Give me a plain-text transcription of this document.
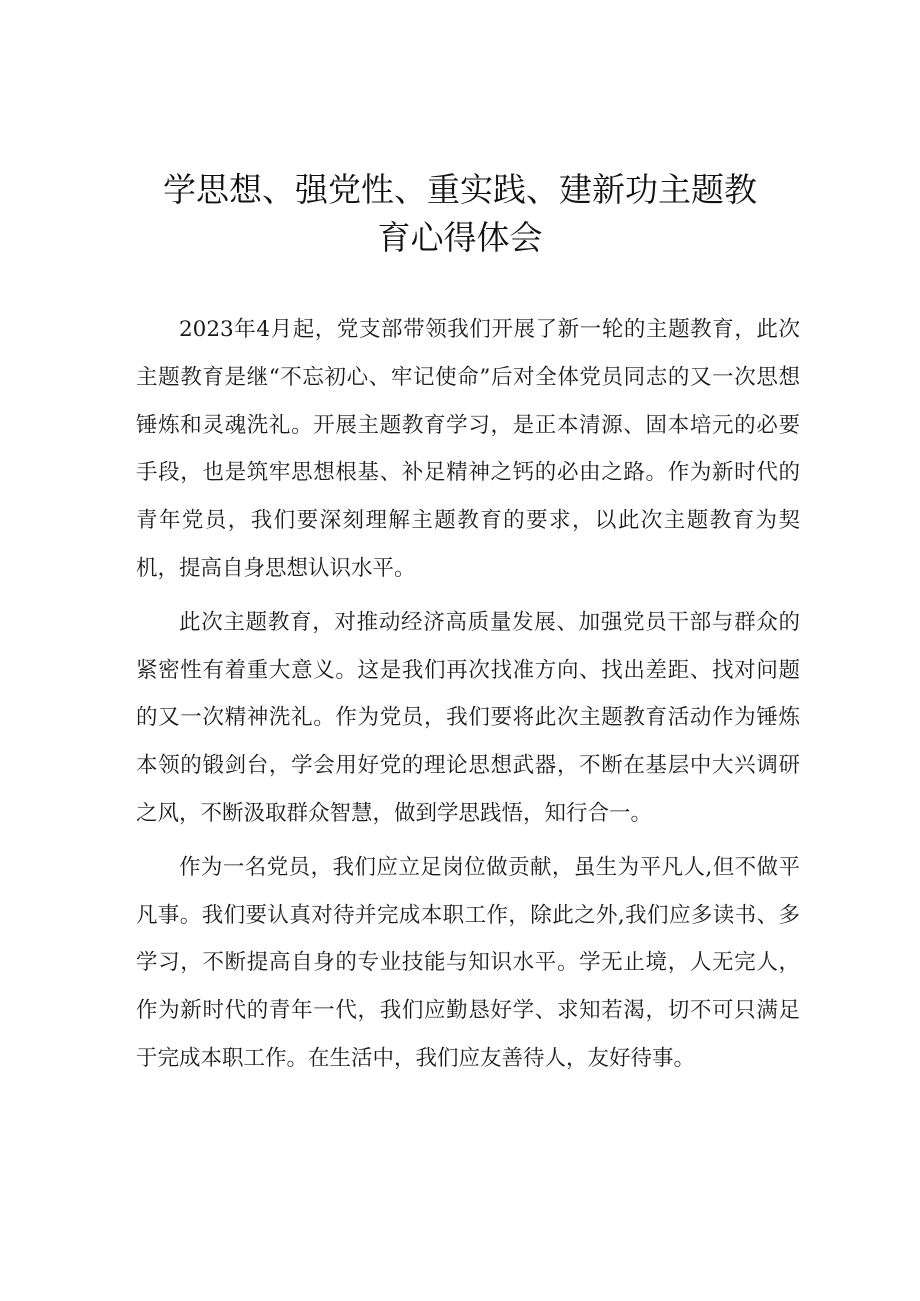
学思想、强党性、重实践、建新功主题教
育心得体会

2023年4月起，党支部带领我们开展了新一轮的主题教育，此次主题教育是继“不忘初心、牢记使命”后对全体党员同志的又一次思想锤炼和灵魂洗礼。开展主题教育学习，是正本清源、固本培元的必要手段，也是筑牢思想根基、补足精神之钙的必由之路。作为新时代的青年党员，我们要深刻理解主题教育的要求，以此次主题教育为契机，提高自身思想认识水平。

此次主题教育，对推动经济高质量发展、加强党员干部与群众的紧密性有着重大意义。这是我们再次找准方向、找出差距、找对问题的又一次精神洗礼。作为党员，我们要将此次主题教育活动作为锤炼本领的锻剑台，学会用好党的理论思想武器，不断在基层中大兴调研之风，不断汲取群众智慧，做到学思践悟，知行合一。

作为一名党员，我们应立足岗位做贡献，虽生为平凡人,但不做平凡事。我们要认真对待并完成本职工作，除此之外,我们应多读书、多学习，不断提高自身的专业技能与知识水平。学无止境，人无完人，作为新时代的青年一代，我们应勤恳好学、求知若渴，切不可只满足于完成本职工作。在生活中，我们应友善待人，友好待事。
